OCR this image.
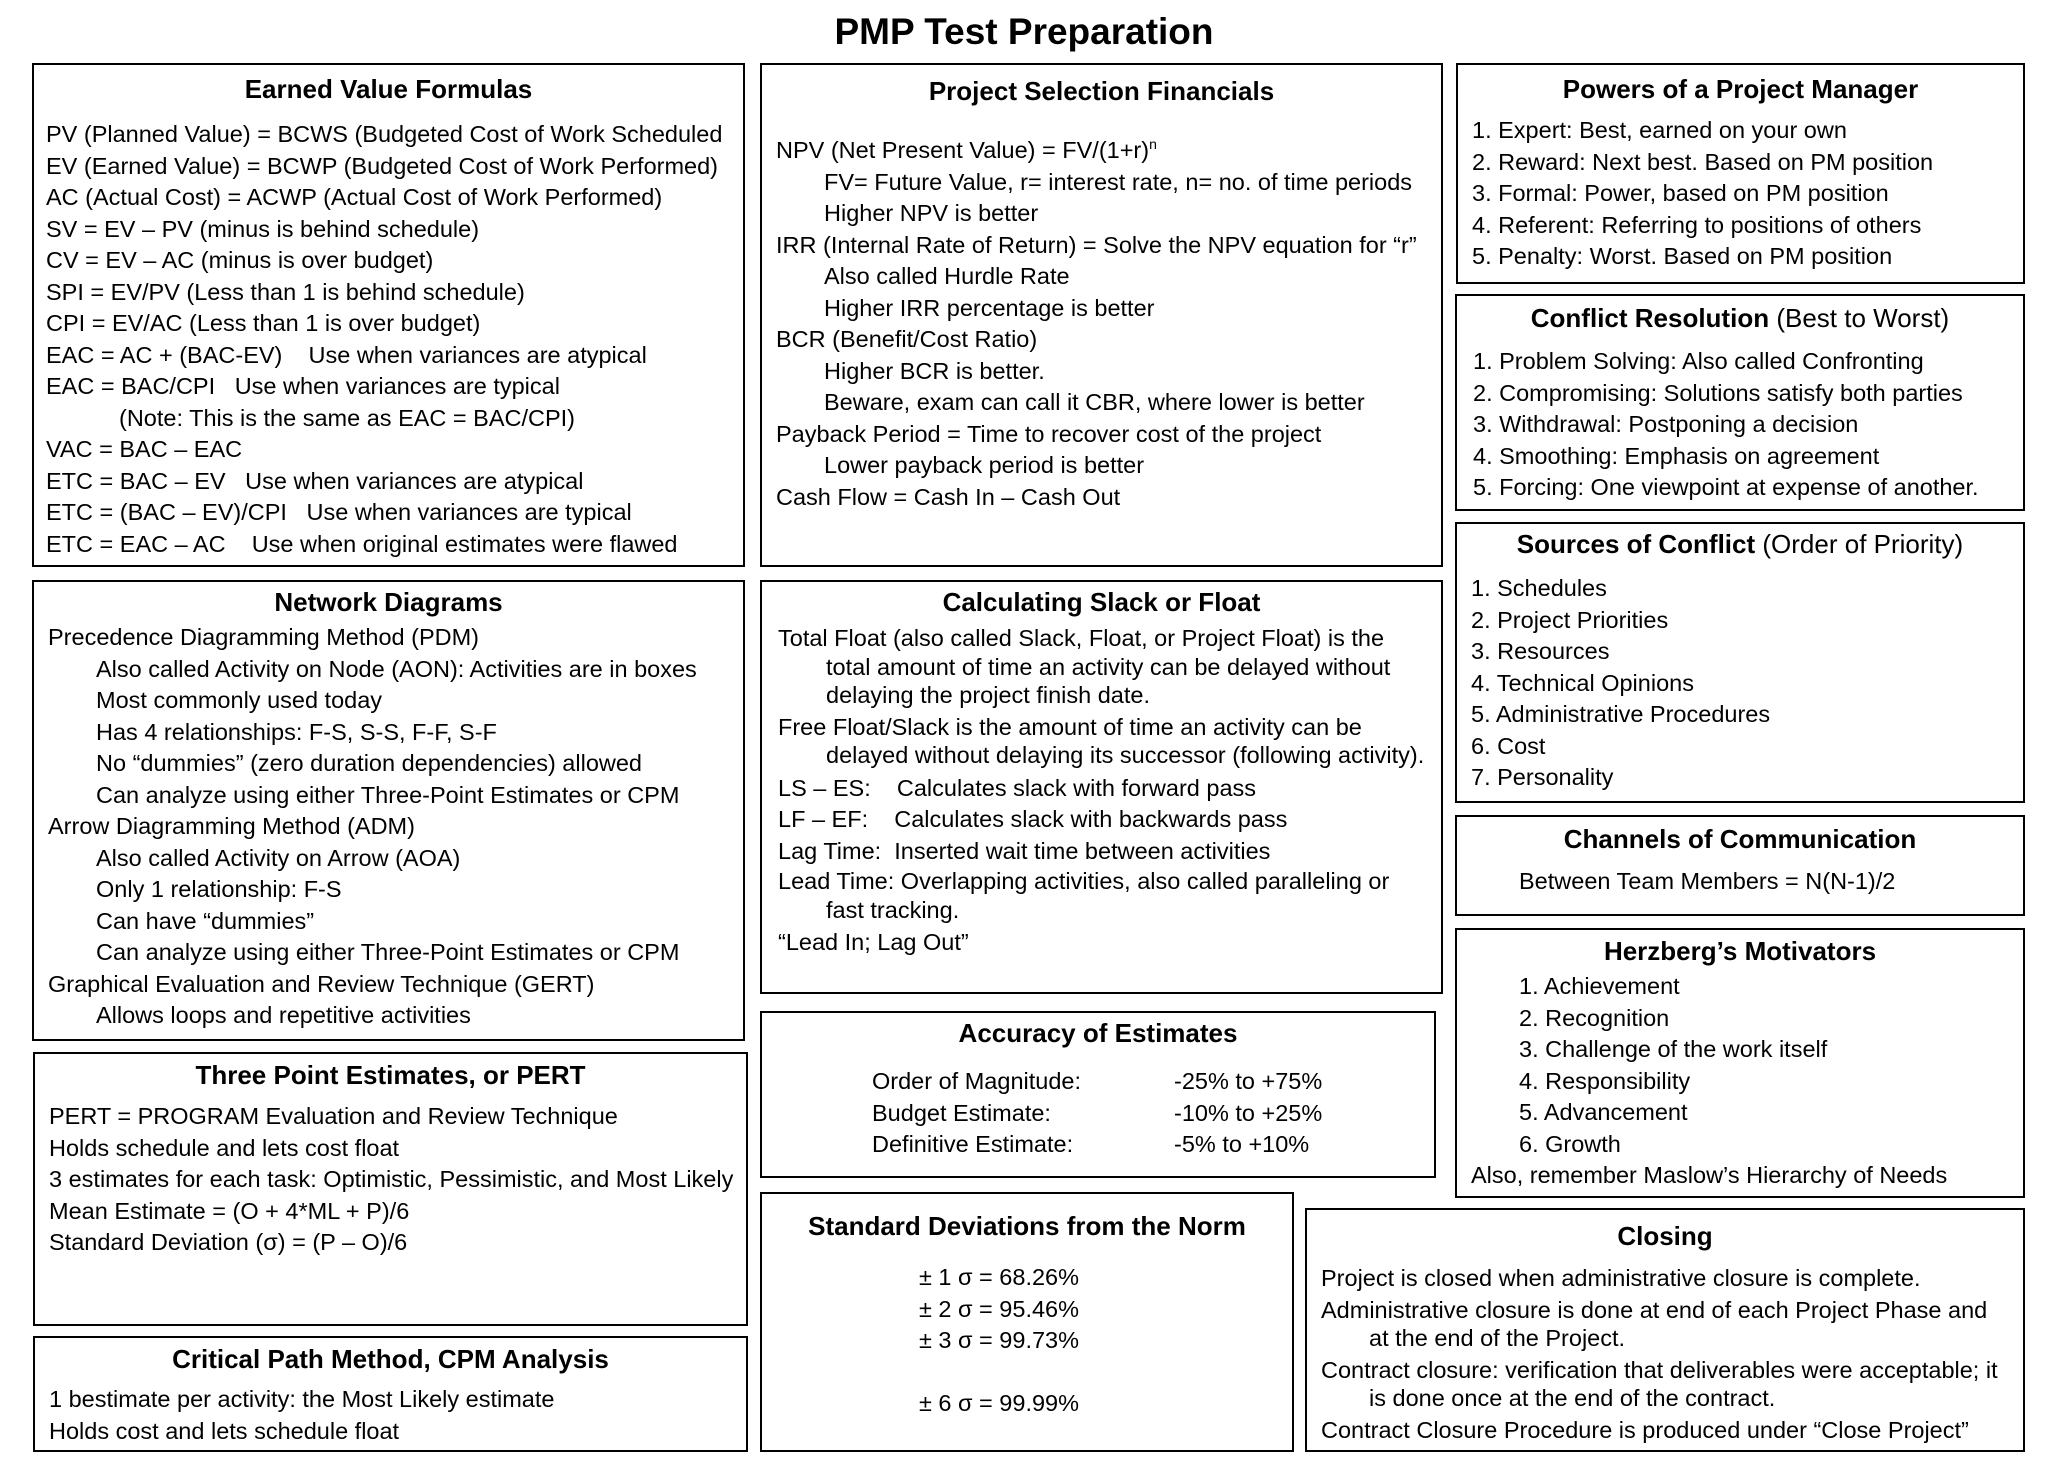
PMP Test Preparation
Earned Value Formulas
PV (Planned Value) = BCWS (Budgeted Cost of Work Scheduled
EV (Earned Value) = BCWP (Budgeted Cost of Work Performed)
AC (Actual Cost) = ACWP (Actual Cost of Work Performed)
SV = EV – PV (minus is behind schedule)
CV = EV – AC (minus is over budget)
SPI = EV/PV (Less than 1 is behind schedule)
CPI = EV/AC (Less than 1 is over budget)
EAC = AC + (BAC-EV)    Use when variances are atypical
EAC = BAC/CPI   Use when variances are typical
(Note: This is the same as EAC = BAC/CPI)
VAC = BAC – EAC
ETC = BAC – EV   Use when variances are atypical
ETC = (BAC – EV)/CPI   Use when variances are typical
ETC = EAC – AC    Use when original estimates were flawed
Project Selection Financials
NPV (Net Present Value) = $FV/(1+r)^n$
FV= Future Value, r= interest rate, n= no. of time periods
Higher NPV is better
IRR (Internal Rate of Return) = Solve the NPV equation for “r”
Also called Hurdle Rate
Higher IRR percentage is better
BCR (Benefit/Cost Ratio)
Higher BCR is better.
Beware, exam can call it CBR, where lower is better
Payback Period = Time to recover cost of the project
Lower payback period is better
Cash Flow = Cash In – Cash Out
Powers of a Project Manager
1. Expert: Best, earned on your own
2. Reward: Next best. Based on PM position
3. Formal: Power, based on PM position
4. Referent: Referring to positions of others
5. Penalty: Worst. Based on PM position
Conflict Resolution (Best to Worst)
1. Problem Solving: Also called Confronting
2. Compromising: Solutions satisfy both parties
3. Withdrawal: Postponing a decision
4. Smoothing: Emphasis on agreement
5. Forcing: One viewpoint at expense of another.
Sources of Conflict (Order of Priority)
1. Schedules
2. Project Priorities
3. Resources
4. Technical Opinions
5. Administrative Procedures
6. Cost
7. Personality
Network Diagrams
Precedence Diagramming Method (PDM)
Also called Activity on Node (AON): Activities are in boxes
Most commonly used today
Has 4 relationships: F-S, S-S, F-F, S-F
No “dummies” (zero duration dependencies) allowed
Can analyze using either Three-Point Estimates or CPM
Arrow Diagramming Method (ADM)
Also called Activity on Arrow (AOA)
Only 1 relationship: F-S
Can have “dummies”
Can analyze using either Three-Point Estimates or CPM
Graphical Evaluation and Review Technique (GERT)
Allows loops and repetitive activities
Calculating Slack or Float
Total Float (also called Slack, Float, or Project Float) is the total amount of time an activity can be delayed without delaying the project finish date.
Free Float/Slack is the amount of time an activity can be delayed without delaying its successor (following activity).
LS – ES:    Calculates slack with forward pass
LF – EF:    Calculates slack with backwards pass
Lag Time:  Inserted wait time between activities
Lead Time: Overlapping activities, also called paralleling or fast tracking.
“Lead In; Lag Out”
Channels of Communication
Between Team Members = N(N-1)/2
Herzberg’s Motivators
1. Achievement
2. Recognition
3. Challenge of the work itself
4. Responsibility
5. Advancement
6. Growth
Also, remember Maslow’s Hierarchy of Needs
Three Point Estimates, or PERT
PERT = PROGRAM Evaluation and Review Technique
Holds schedule and lets cost float
3 estimates for each task: Optimistic, Pessimistic, and Most Likely
Mean Estimate = (O + 4*ML + P)/6
Standard Deviation (σ) = (P – O)/6
Accuracy of Estimates
Order of Magnitude:	-25% to +75%
Budget Estimate:	-10% to +25%
Definitive Estimate:	-5% to +10%
Standard Deviations from the Norm
± 1 σ = 68.26%
± 2 σ = 95.46%
± 3 σ = 99.73%
± 6 σ = 99.99%
Closing
Project is closed when administrative closure is complete.
Administrative closure is done at end of each Project Phase and at the end of the Project.
Contract closure: verification that deliverables were acceptable; it is done once at the end of the contract.
Contract Closure Procedure is produced under “Close Project”
Critical Path Method, CPM Analysis
1 bestimate per activity: the Most Likely estimate
Holds cost and lets schedule float
